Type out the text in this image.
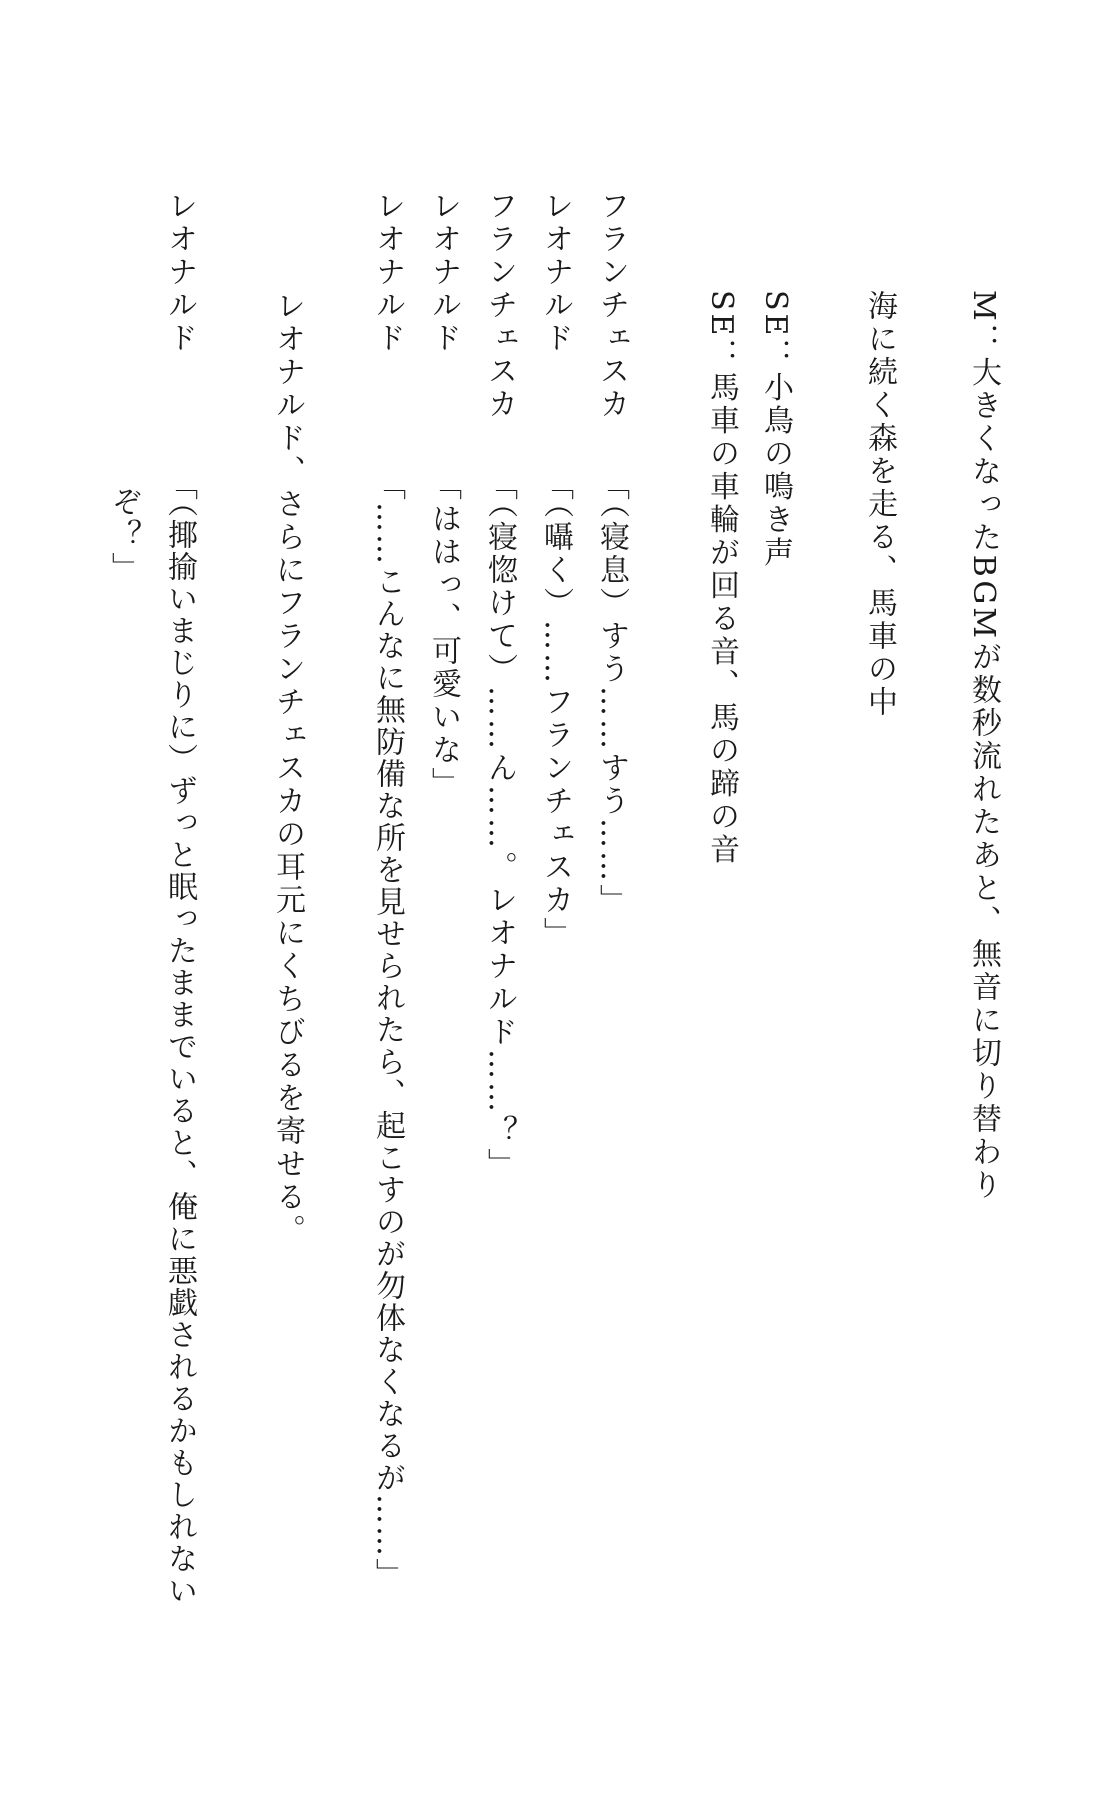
M：大きくなったBGMが数秒流れたあと、無音に切り替わり

海に続く森を走る、馬車の中

SE：小鳥の鳴き声

SE：馬車の車輪が回る音、馬の蹄の音

フランチェスカ

「（寝息）すう……すう……」

レオナルド

「（囁く）……フランチェスカ」

フランチェスカ

「（寝惚けて）……ん……。レオナルド……？」

レオナルド

「ははっ、可愛いな」

レオナルド

「……こんなに無防備な所を見せられたら、起こすのが勿体なくなるが……」

レオナルド、さらにフランチェスカの耳元にくちびるを寄せる。

レオナルド

「（揶揄いまじりに）ずっと眠ったままでいると、俺に悪戯されるかもしれない

ぞ？」
